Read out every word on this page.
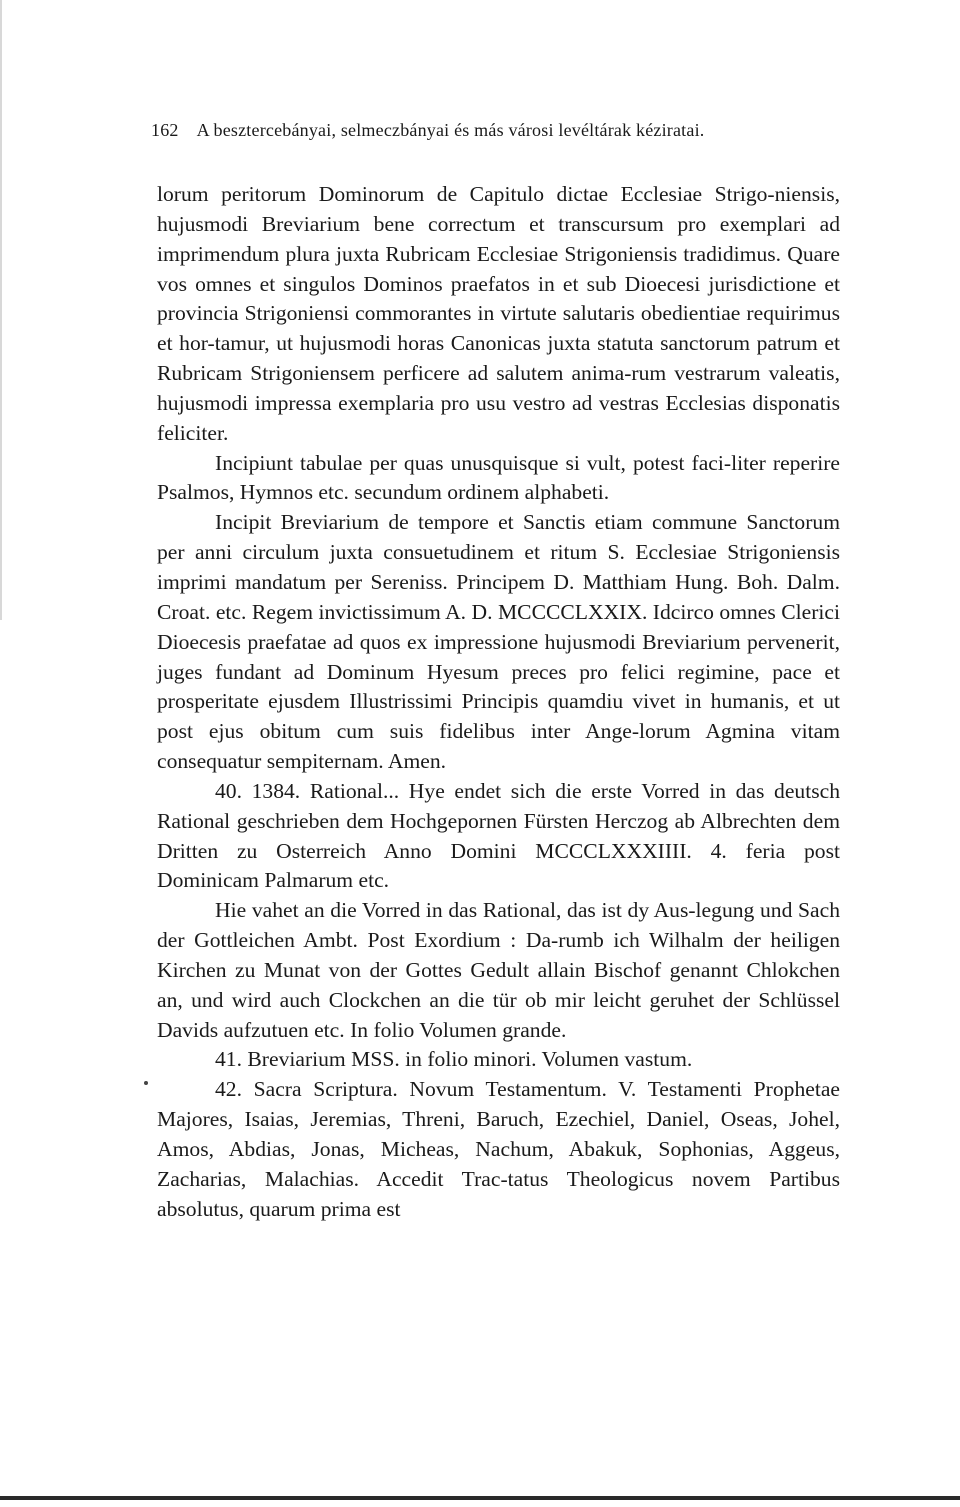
162 A besztercebányai, selmeczbányai és más városi levéltárak kéziratai.

lorum peritorum Dominorum de Capitulo dictae Ecclesiae Strigo-niensis, hujusmodi Breviarium bene correctum et transcursum pro exemplari ad imprimendum plura juxta Rubricam Ecclesiae Strigoniensis tradidimus. Quare vos omnes et singulos Dominos praefatos in et sub Dioecesi jurisdictione et provincia Strigoniensi commorantes in virtute salutaris obedientiae requirimus et hor-tamur, ut hujusmodi horas Canonicas juxta statuta sanctorum patrum et Rubricam Strigoniensem perficere ad salutem anima-rum vestrarum valeatis, hujusmodi impressa exemplaria pro usu vestro ad vestras Ecclesias disponatis feliciter.

Incipiunt tabulae per quas unusquisque si vult, potest faci-liter reperire Psalmos, Hymnos etc. secundum ordinem alphabeti.

Incipit Breviarium de tempore et Sanctis etiam commune Sanctorum per anni circulum juxta consuetudinem et ritum S. Ecclesiae Strigoniensis imprimi mandatum per Sereniss. Principem D. Matthiam Hung. Boh. Dalm. Croat. etc. Regem invictissimum A. D. MCCCCLXXIX. Idcirco omnes Clerici Dioecesis praefatae ad quos ex impressione hujusmodi Breviarium pervenerit, juges fundant ad Dominum Hyesum preces pro felici regimine, pace et prosperitate ejusdem Illustrissimi Principis quamdiu vivet in humanis, et ut post ejus obitum cum suis fidelibus inter Ange-lorum Agmina vitam consequatur sempiternam. Amen.

40. 1384. Rational... Hye endet sich die erste Vorred in das deutsch Rational geschrieben dem Hochgepornen Fürsten Herczog ab Albrechten dem Dritten zu Osterreich Anno Domini MCCCLXXXIIII. 4. feria post Dominicam Palmarum etc.

Hie vahet an die Vorred in das Rational, das ist dy Aus-legung und Sach der Gottleichen Ambt. Post Exordium : Da-rumb ich Wilhalm der heiligen Kirchen zu Munat von der Gottes Gedult allain Bischof genannt Chlokchen an, und wird auch Clockchen an die tür ob mir leicht geruhet der Schlüssel Davids aufzutuen etc. In folio Volumen grande.

41. Breviarium MSS. in folio minori. Volumen vastum.

42. Sacra Scriptura. Novum Testamentum. V. Testamenti Prophetae Majores, Isaias, Jeremias, Threni, Baruch, Ezechiel, Daniel, Oseas, Johel, Amos, Abdias, Jonas, Micheas, Nachum, Abakuk, Sophonias, Aggeus, Zacharias, Malachias. Accedit Trac-tatus Theologicus novem Partibus absolutus, quarum prima est
